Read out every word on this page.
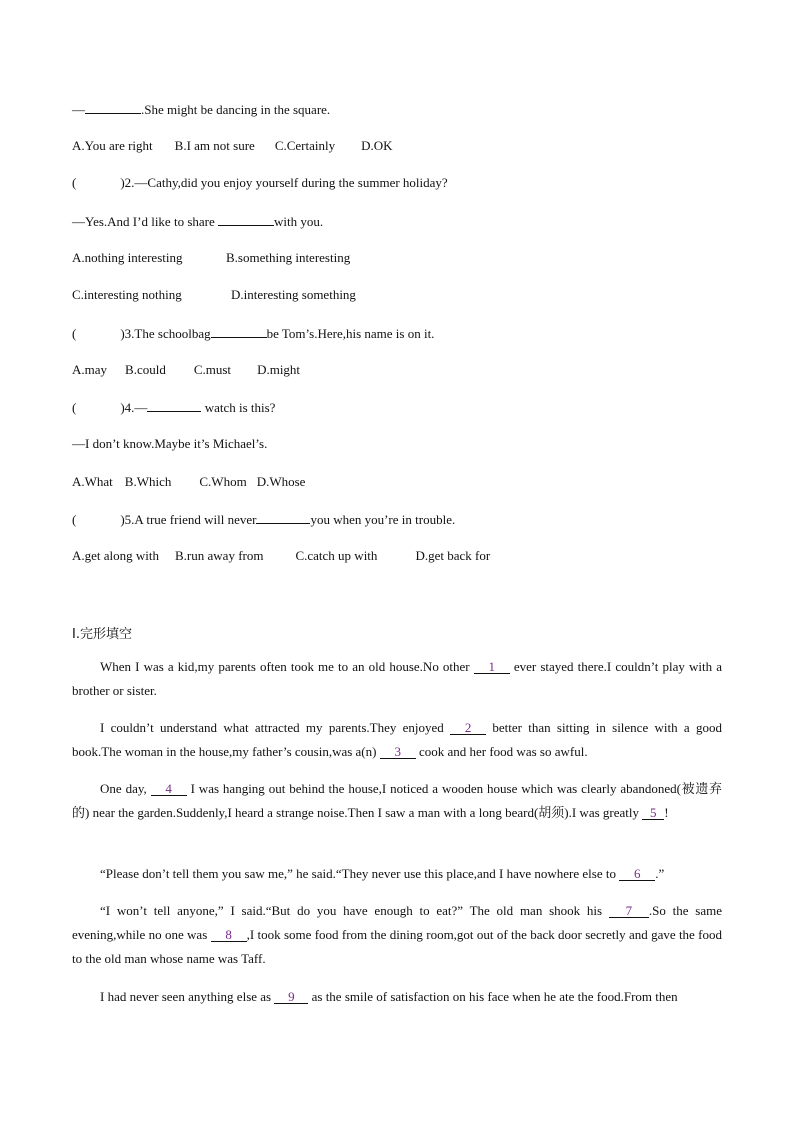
—	.She might be dancing in the square.
A.You are right B.I am not sure C.Certainly D.OK
(	)2.—Cathy,did you enjoy yourself during the summer holiday?
—Yes.And I’d like to share	with you.
A.nothing interesting	B.something interesting
C.interesting nothing	D.interesting something
(	)3.The schoolbag	be Tom’s.Here,his name is on it.
A.may B.could C.must D.might
(	)4.—	watch is this?
—I don’t know.Maybe it’s Michael’s.
A.What B.Which C.Whom D.Whose
(	)5.A true friend will never	you when you’re in trouble.
A.get along with B.run away from C.catch up with	D.get back for
Ⅰ.完形填空
When I was a kid,my parents often took me to an old house.No other 1 ever stayed there.I couldn’t play with a brother or sister.
I couldn’t understand what attracted my parents.They enjoyed 2 better than sitting in silence with a good book.The woman in the house,my father’s cousin,was a(n) 3 cook and her food was so awful.
One day, 4 I was hanging out behind the house,I noticed a wooden house which was clearly abandoned(被遗弃的) near the garden.Suddenly,I heard a strange noise.Then I saw a man with a long beard(胡须).I was greatly 5 !
“Please don’t tell them you saw me,” he said.“They never use this place,and I have nowhere else to 6 .”
“I won’t tell anyone,” I said.“But do you have enough to eat?” The old man shook his 7 .So the same evening,while no one was 8 ,I took some food from the dining room,got out of the back door secretly and gave the food to the old man whose name was Taff.
I had never seen anything else as 9 as the smile of satisfaction on his face when he ate the food.From then
